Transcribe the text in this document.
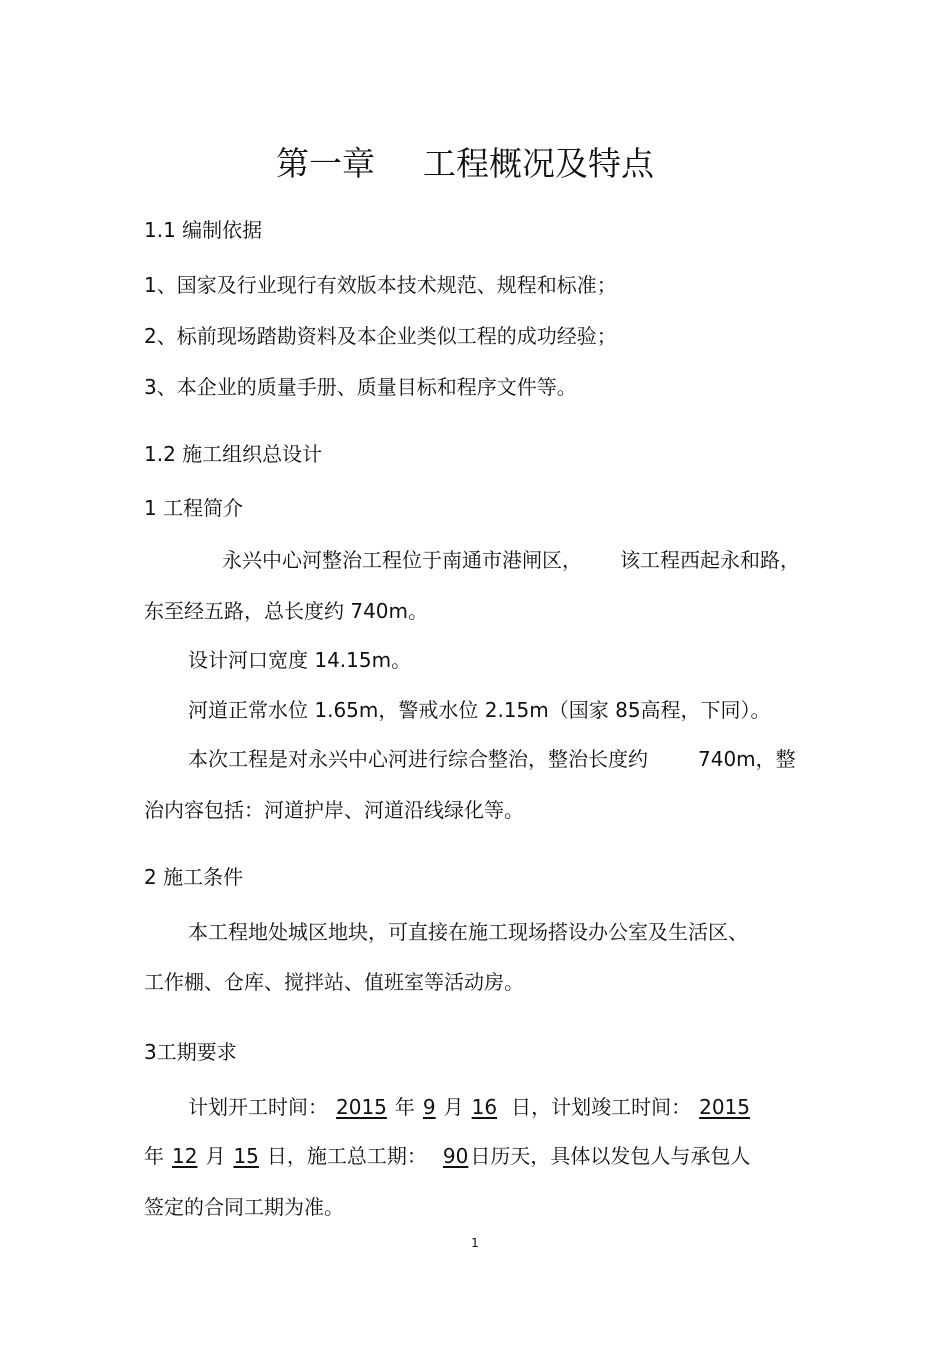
第一章 工程概况及特点
1.1 编制依据
1、国家及行业现行有效版本技术规范、规程和标准；
2、标前现场踏勘资料及本企业类似工程的成功经验；
3、本企业的质量手册、质量目标和程序文件等。
1.2 施工组织总设计
1 工程简介
永兴中心河整治工程位于南通市港闸区， 该工程西起永和路，
东至经五路，总长度约 740m。
设计河口宽度 14.15m。
河道正常水位 1.65m，警戒水位 2.15m（国家 85高程，下同）。
本次工程是对永兴中心河进行综合整治，整治长度约	740m，整
治内容包括：河道护岸、河道沿线绿化等。
2 施工条件
本工程地处城区地块，可直接在施工现场搭设办公室及生活区、
工作棚、仓库、搅拌站、值班室等活动房。
3工期要求
计划开工时间： 2015 年 9 月 16 日，计划竣工时间： 2015
年 12 月 15 日，施工总工期： 90 日历天，具体以发包人与承包人
签定的合同工期为准。
1
